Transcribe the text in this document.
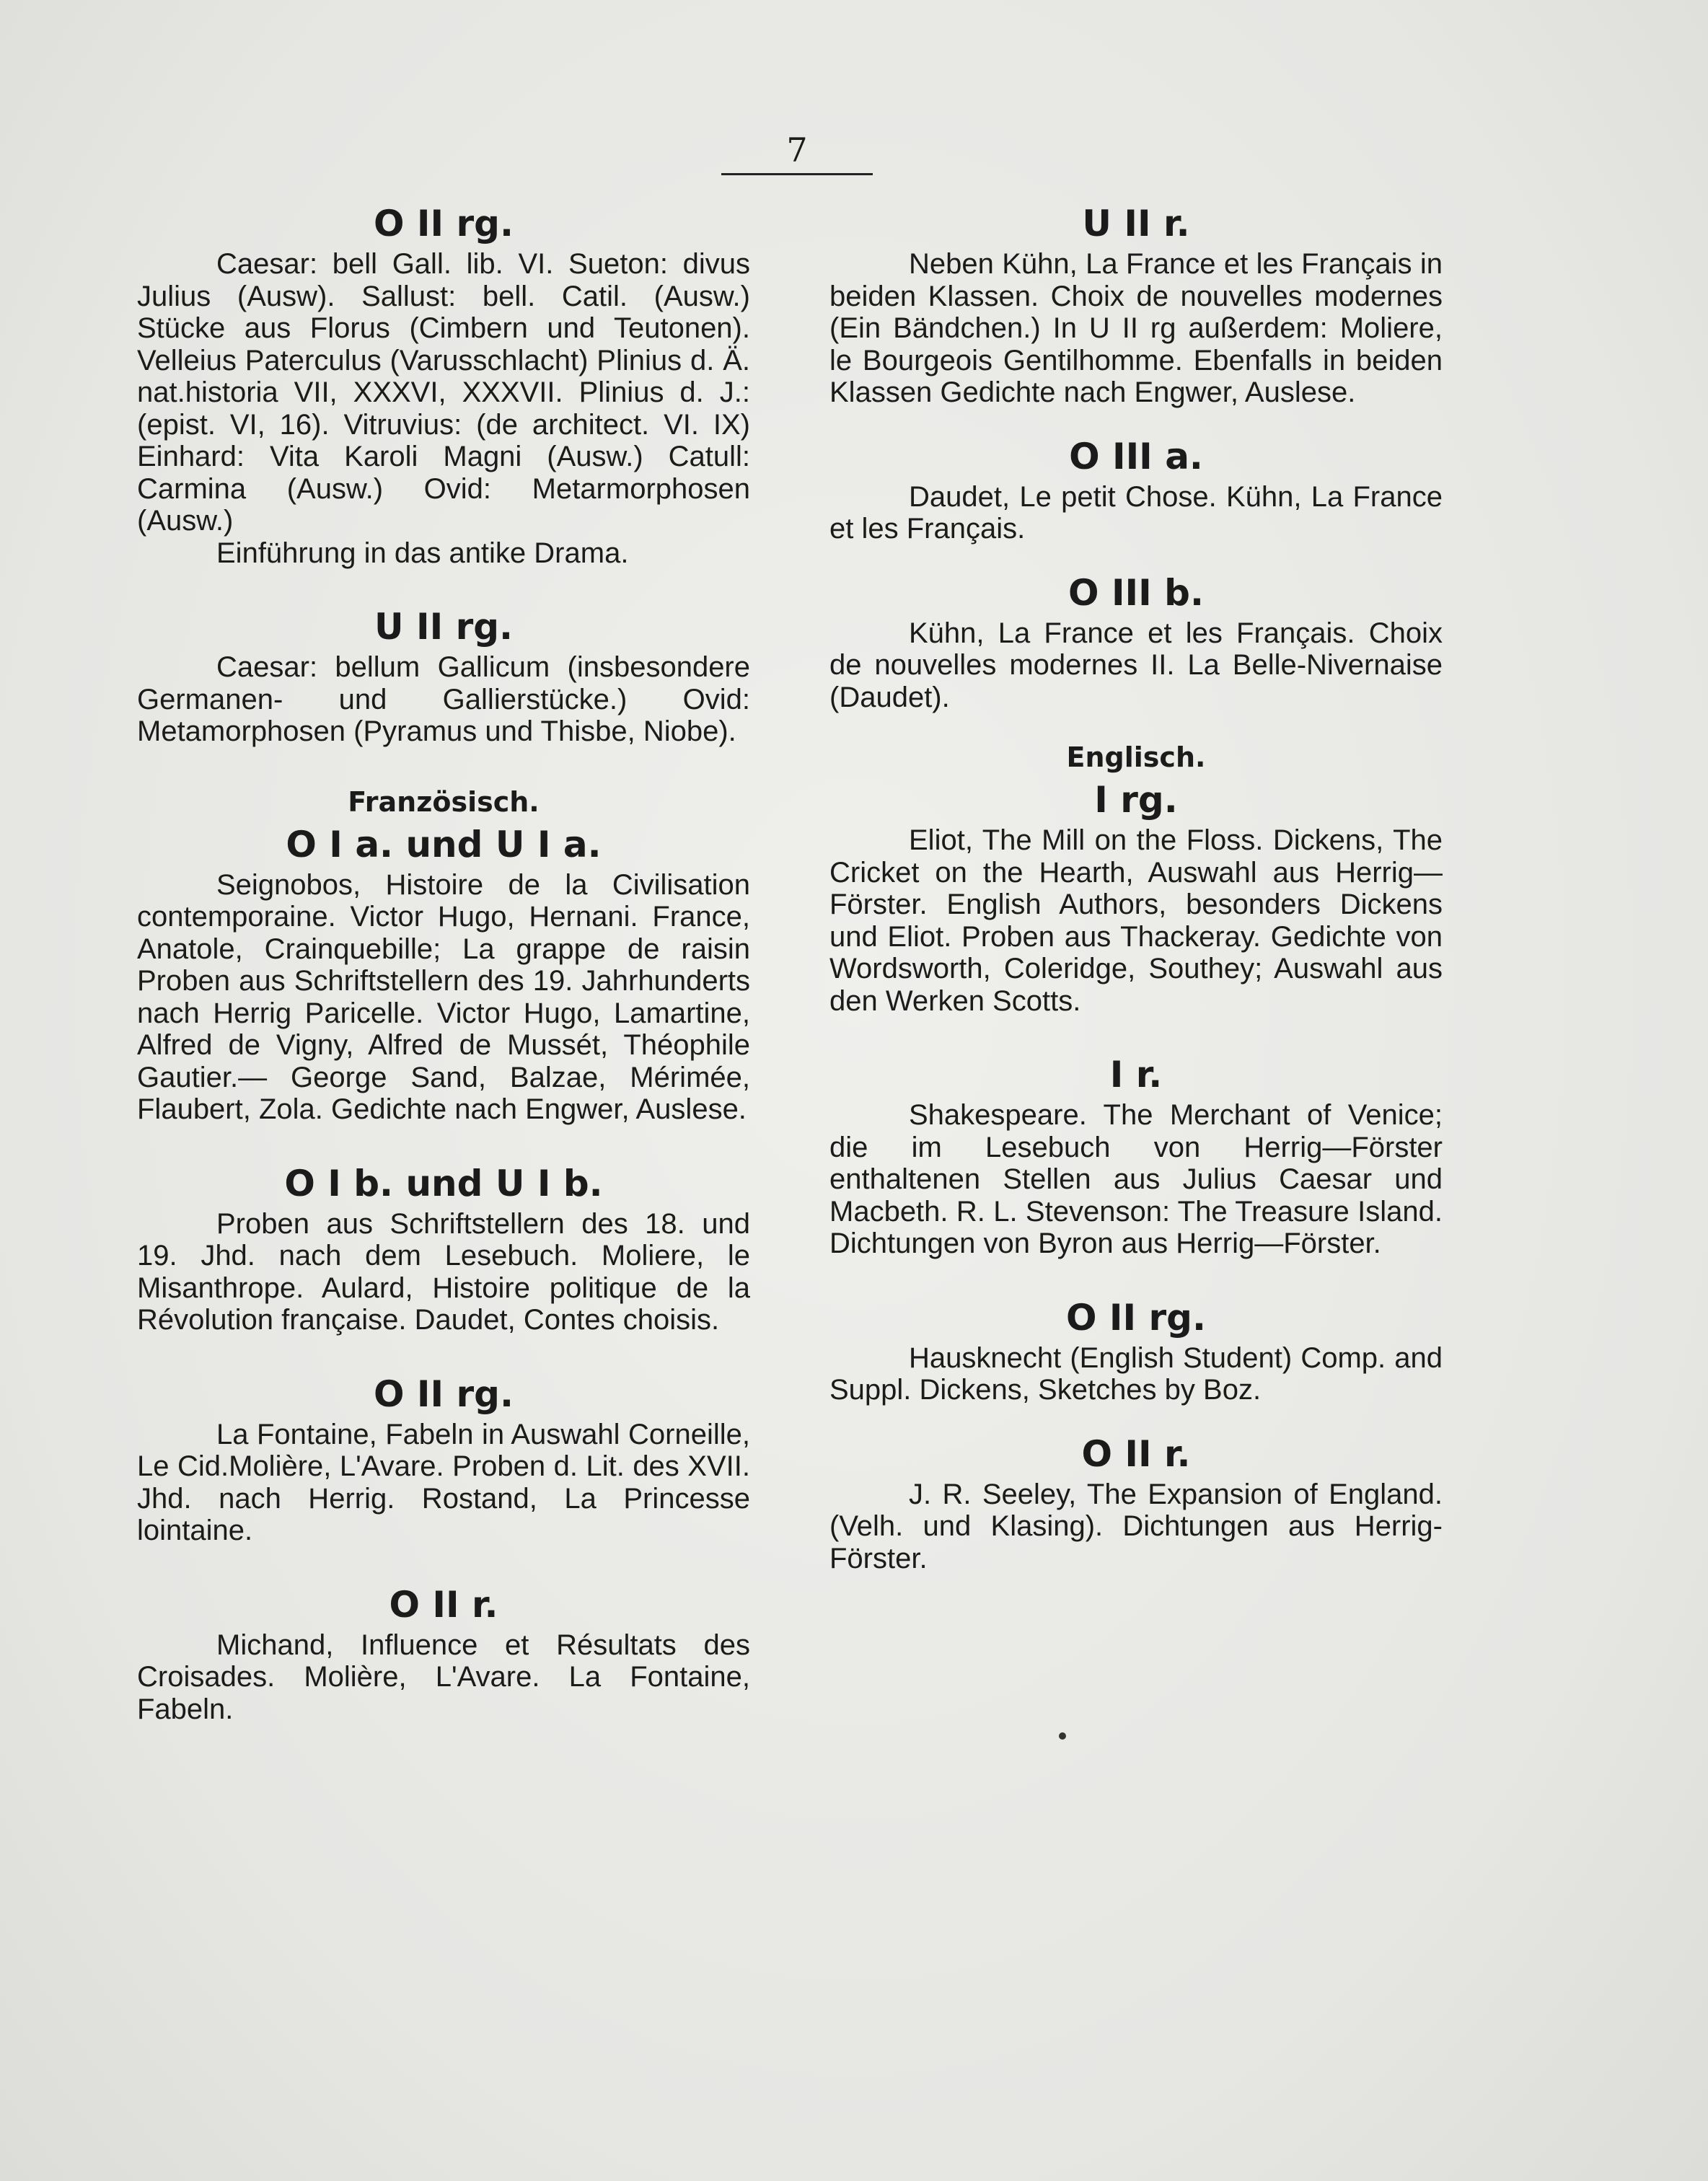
7
O II rg.

Caesar: bell Gall. lib. VI. Sueton: divus Julius (Ausw). Sallust: bell. Catil. (Ausw.) Stücke aus Florus (Cimbern und Teutonen). Velleius Paterculus (Varusschlacht) Plinius d. Ä. nat.historia VII, XXXVI, XXXVII. Plinius d. J.: (epist. VI, 16). Vitruvius: (de architect. VI. IX) Einhard: Vita Karoli Magni (Ausw.) Catull: Carmina (Ausw.) Ovid: Metarmorphosen (Ausw.)

Einführung in das antike Drama.

U II rg.

Caesar: bellum Gallicum (insbesondere Germanen- und Gallierstücke.) Ovid: Metamorphosen (Pyramus und Thisbe, Niobe).

Französisch.
O I a. und U I a.

Seignobos, Histoire de la Civilisation contemporaine. Victor Hugo, Hernani. France, Anatole, Crainquebille; La grappe de raisin Proben aus Schriftstellern des 19. Jahrhunderts nach Herrig Paricelle. Victor Hugo, Lamartine, Alfred de Vigny, Alfred de Mussét, Théophile Gautier.— George Sand, Balzae, Mérimée, Flaubert, Zola. Gedichte nach Engwer, Auslese.

O I b. und U I b.

Proben aus Schriftstellern des 18. und 19. Jhd. nach dem Lesebuch. Moliere, le Misanthrope. Aulard, Histoire politique de la Révolution française. Daudet, Contes choisis.

O II rg.

La Fontaine, Fabeln in Auswahl Corneille, Le Cid.Molière, L'Avare. Proben d. Lit. des XVII. Jhd. nach Herrig. Rostand, La Princesse lointaine.

O II r.

Michand, Influence et Résultats des Croisades. Molière, L'Avare. La Fontaine, Fabeln.

U II r.

Neben Kühn, La France et les Français in beiden Klassen. Choix de nouvelles modernes (Ein Bändchen.) In U II rg außerdem: Moliere, le Bourgeois Gentilhomme. Ebenfalls in beiden Klassen Gedichte nach Engwer, Auslese.

O III a.

Daudet, Le petit Chose. Kühn, La France et les Français.

O III b.

Kühn, La France et les Français. Choix de nouvelles modernes II. La Belle-Nivernaise (Daudet).

Englisch.
I rg.

Eliot, The Mill on the Floss. Dickens, The Cricket on the Hearth, Auswahl aus Herrig—Förster. English Authors, besonders Dickens und Eliot. Proben aus Thackeray. Gedichte von Wordsworth, Coleridge, Southey; Auswahl aus den Werken Scotts.

I r.

Shakespeare. The Merchant of Venice; die im Lesebuch von Herrig—Förster enthaltenen Stellen aus Julius Caesar und Macbeth. R. L. Stevenson: The Treasure Island. Dichtungen von Byron aus Herrig—Förster.

O II rg.

Hausknecht (English Student) Comp. and Suppl. Dickens, Sketches by Boz.

O II r.

J. R. Seeley, The Expansion of England. (Velh. und Klasing). Dichtungen aus Herrig-Förster.
